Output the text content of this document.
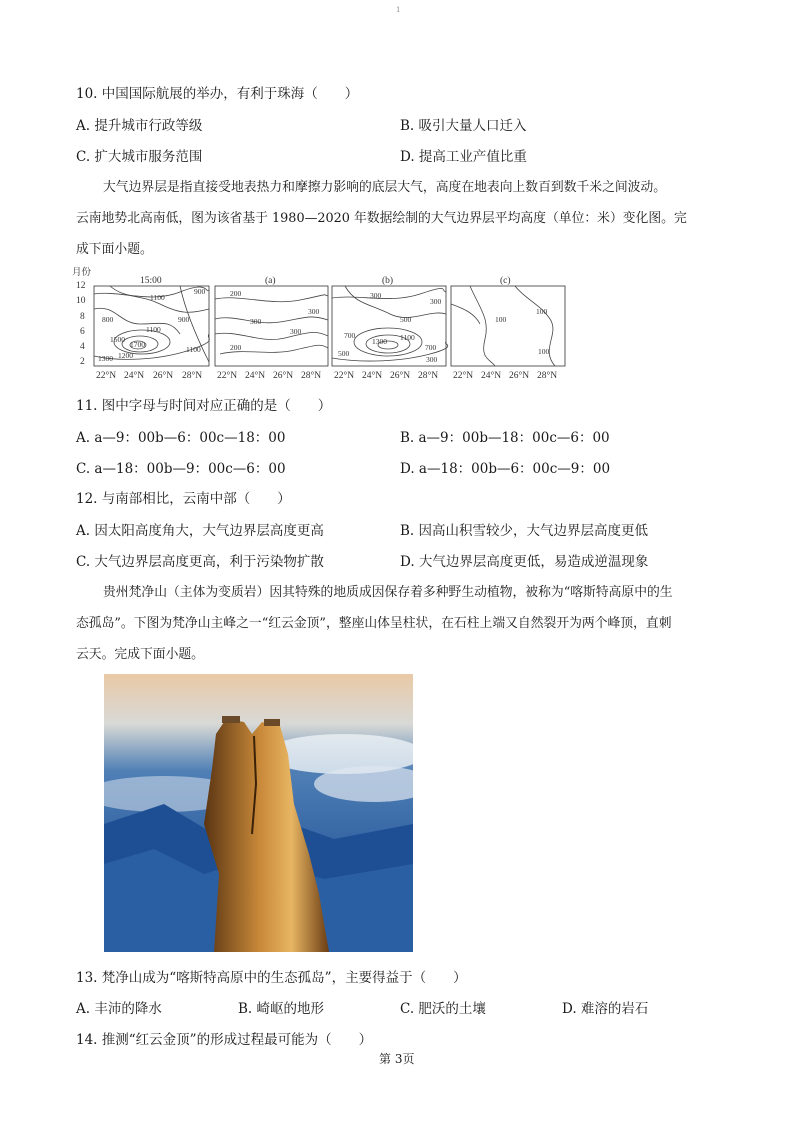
1
10. 中国国际航展的举办，有利于珠海（　　）
A. 提升城市行政等级	B. 吸引大量人口迁入
C. 扩大城市服务范围	D. 提高工业产值比重
大气边界层是指直接受地表热力和摩擦力影响的底层大气，高度在地表向上数百到数千米之间波动。
云南地势北高南低，图为该省基于 1980—2020 年数据绘制的大气边界层平均高度（单位：米）变化图。完
成下面小题。
月份
12
10
8
6
4
2
15:00
1100
900
800	900
1100
1500
1700
1300
1100
1200
(a)
200
300
300
200
300
(b)
300
500
700
1300 1100
700
500
300
300
(c)
100
100
100
22°N 24°N 26°N 28°N 22°N 24°N 26°N 28°N 22°N 24°N 26°N 28°N 22°N 24°N 26°N 28°N
11. 图中字母与时间对应正确的是（　　）
A. a—9：00b—6：00c—18：00	B. a—9：00b—18：00c—6：00
C. a—18：00b—9：00c—6：00	D. a—18：00b—6：00c—9：00
12. 与南部相比，云南中部（　　）
A. 因太阳高度角大，大气边界层高度更高	B. 因高山积雪较少，大气边界层高度更低
C. 大气边界层高度更高，利于污染物扩散	D. 大气边界层高度更低，易造成逆温现象
贵州梵净山（主体为变质岩）因其特殊的地质成因保存着多种野生动植物，被称为“喀斯特高原中的生
态孤岛”。下图为梵净山主峰之一“红云金顶”，整座山体呈柱状，在石柱上端又自然裂开为两个峰顶，直刺
云天。完成下面小题。
13. 梵净山成为“喀斯特高原中的生态孤岛”，主要得益于（　　）
A. 丰沛的降水	B. 崎岖的地形	C. 肥沃的土壤	D. 难溶的岩石
14. 推测“红云金顶”的形成过程最可能为（　　）
第 3页
